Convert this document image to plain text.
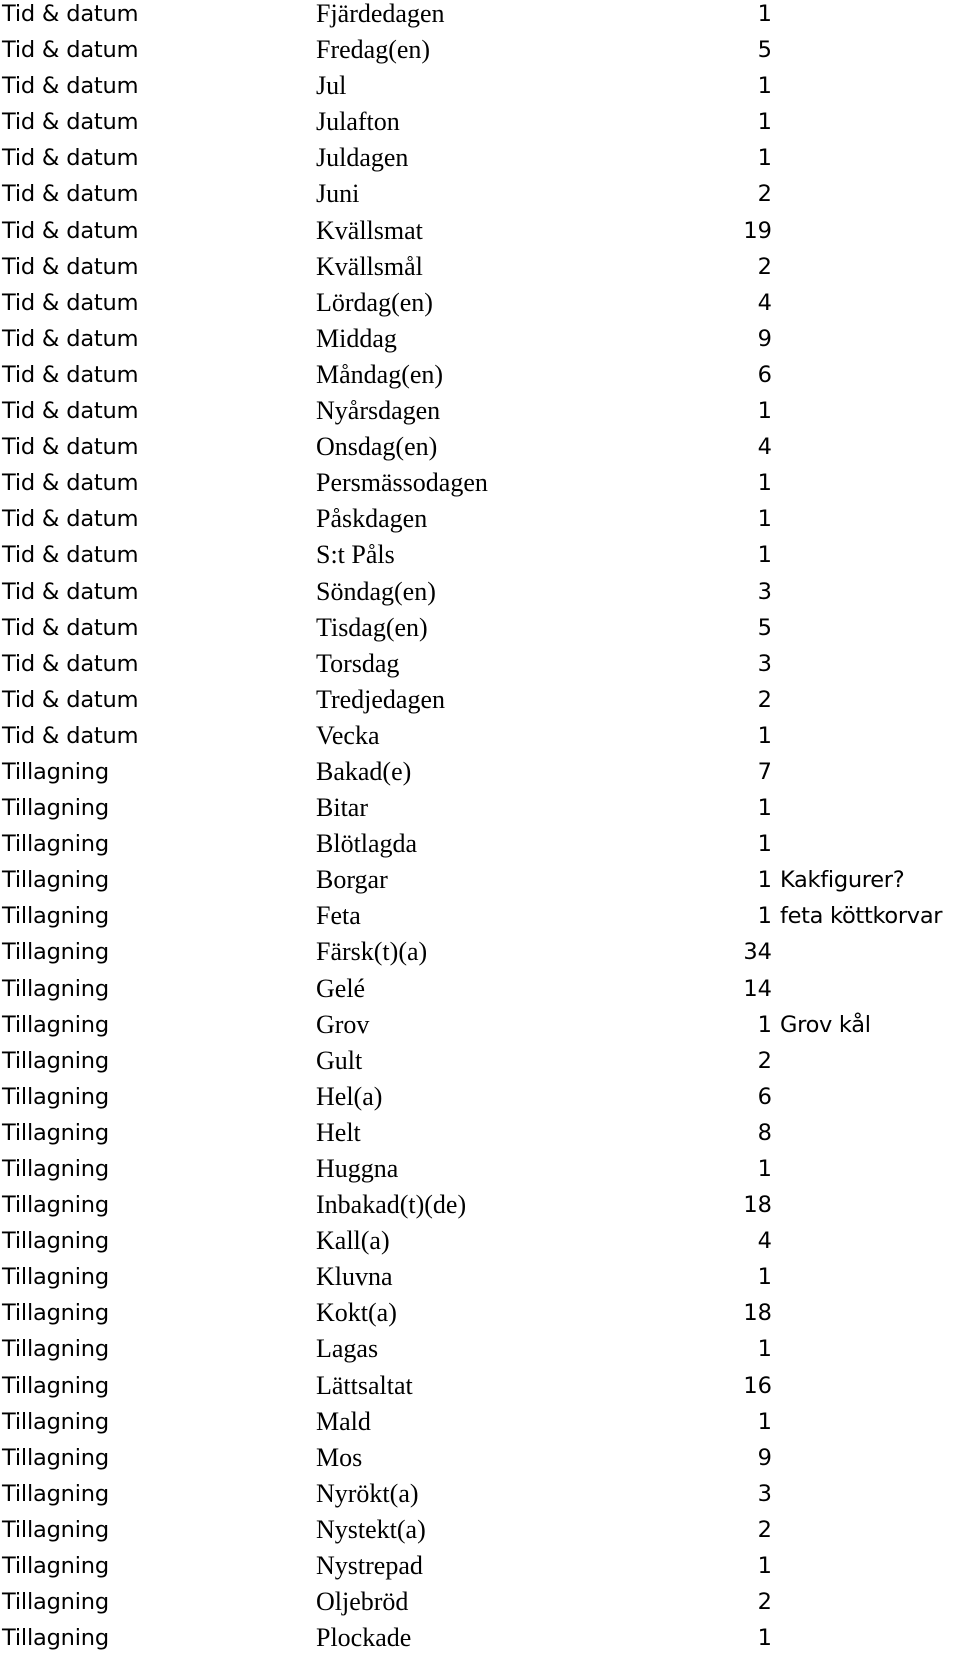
Tid & datum	Fjärdedagen	1
Tid & datum	Fredag(en)	5
Tid & datum	Jul	1
Tid & datum	Julafton	1
Tid & datum	Juldagen	1
Tid & datum	Juni	2
Tid & datum	Kvällsmat	19
Tid & datum	Kvällsmål	2
Tid & datum	Lördag(en)	4
Tid & datum	Middag	9
Tid & datum	Måndag(en)	6
Tid & datum	Nyårsdagen	1
Tid & datum	Onsdag(en)	4
Tid & datum	Persmässodagen	1
Tid & datum	Påskdagen	1
Tid & datum	S:t Påls	1
Tid & datum	Söndag(en)	3
Tid & datum	Tisdag(en)	5
Tid & datum	Torsdag	3
Tid & datum	Tredjedagen	2
Tid & datum	Vecka	1
Tillagning	Bakad(e)	7
Tillagning	Bitar	1
Tillagning	Blötlagda	1
Tillagning	Borgar	1 Kakfigurer?
Tillagning	Feta	1 feta köttkorvar
Tillagning	Färsk(t)(a)	34
Tillagning	Gelé	14
Tillagning	Grov	1 Grov kål
Tillagning	Gult	2
Tillagning	Hel(a)	6
Tillagning	Helt	8
Tillagning	Huggna	1
Tillagning	Inbakad(t)(de)	18
Tillagning	Kall(a)	4
Tillagning	Kluvna	1
Tillagning	Kokt(a)	18
Tillagning	Lagas	1
Tillagning	Lättsaltat	16
Tillagning	Mald	1
Tillagning	Mos	9
Tillagning	Nyrökt(a)	3
Tillagning	Nystekt(a)	2
Tillagning	Nystrepad	1
Tillagning	Oljebröd	2
Tillagning	Plockade	1
